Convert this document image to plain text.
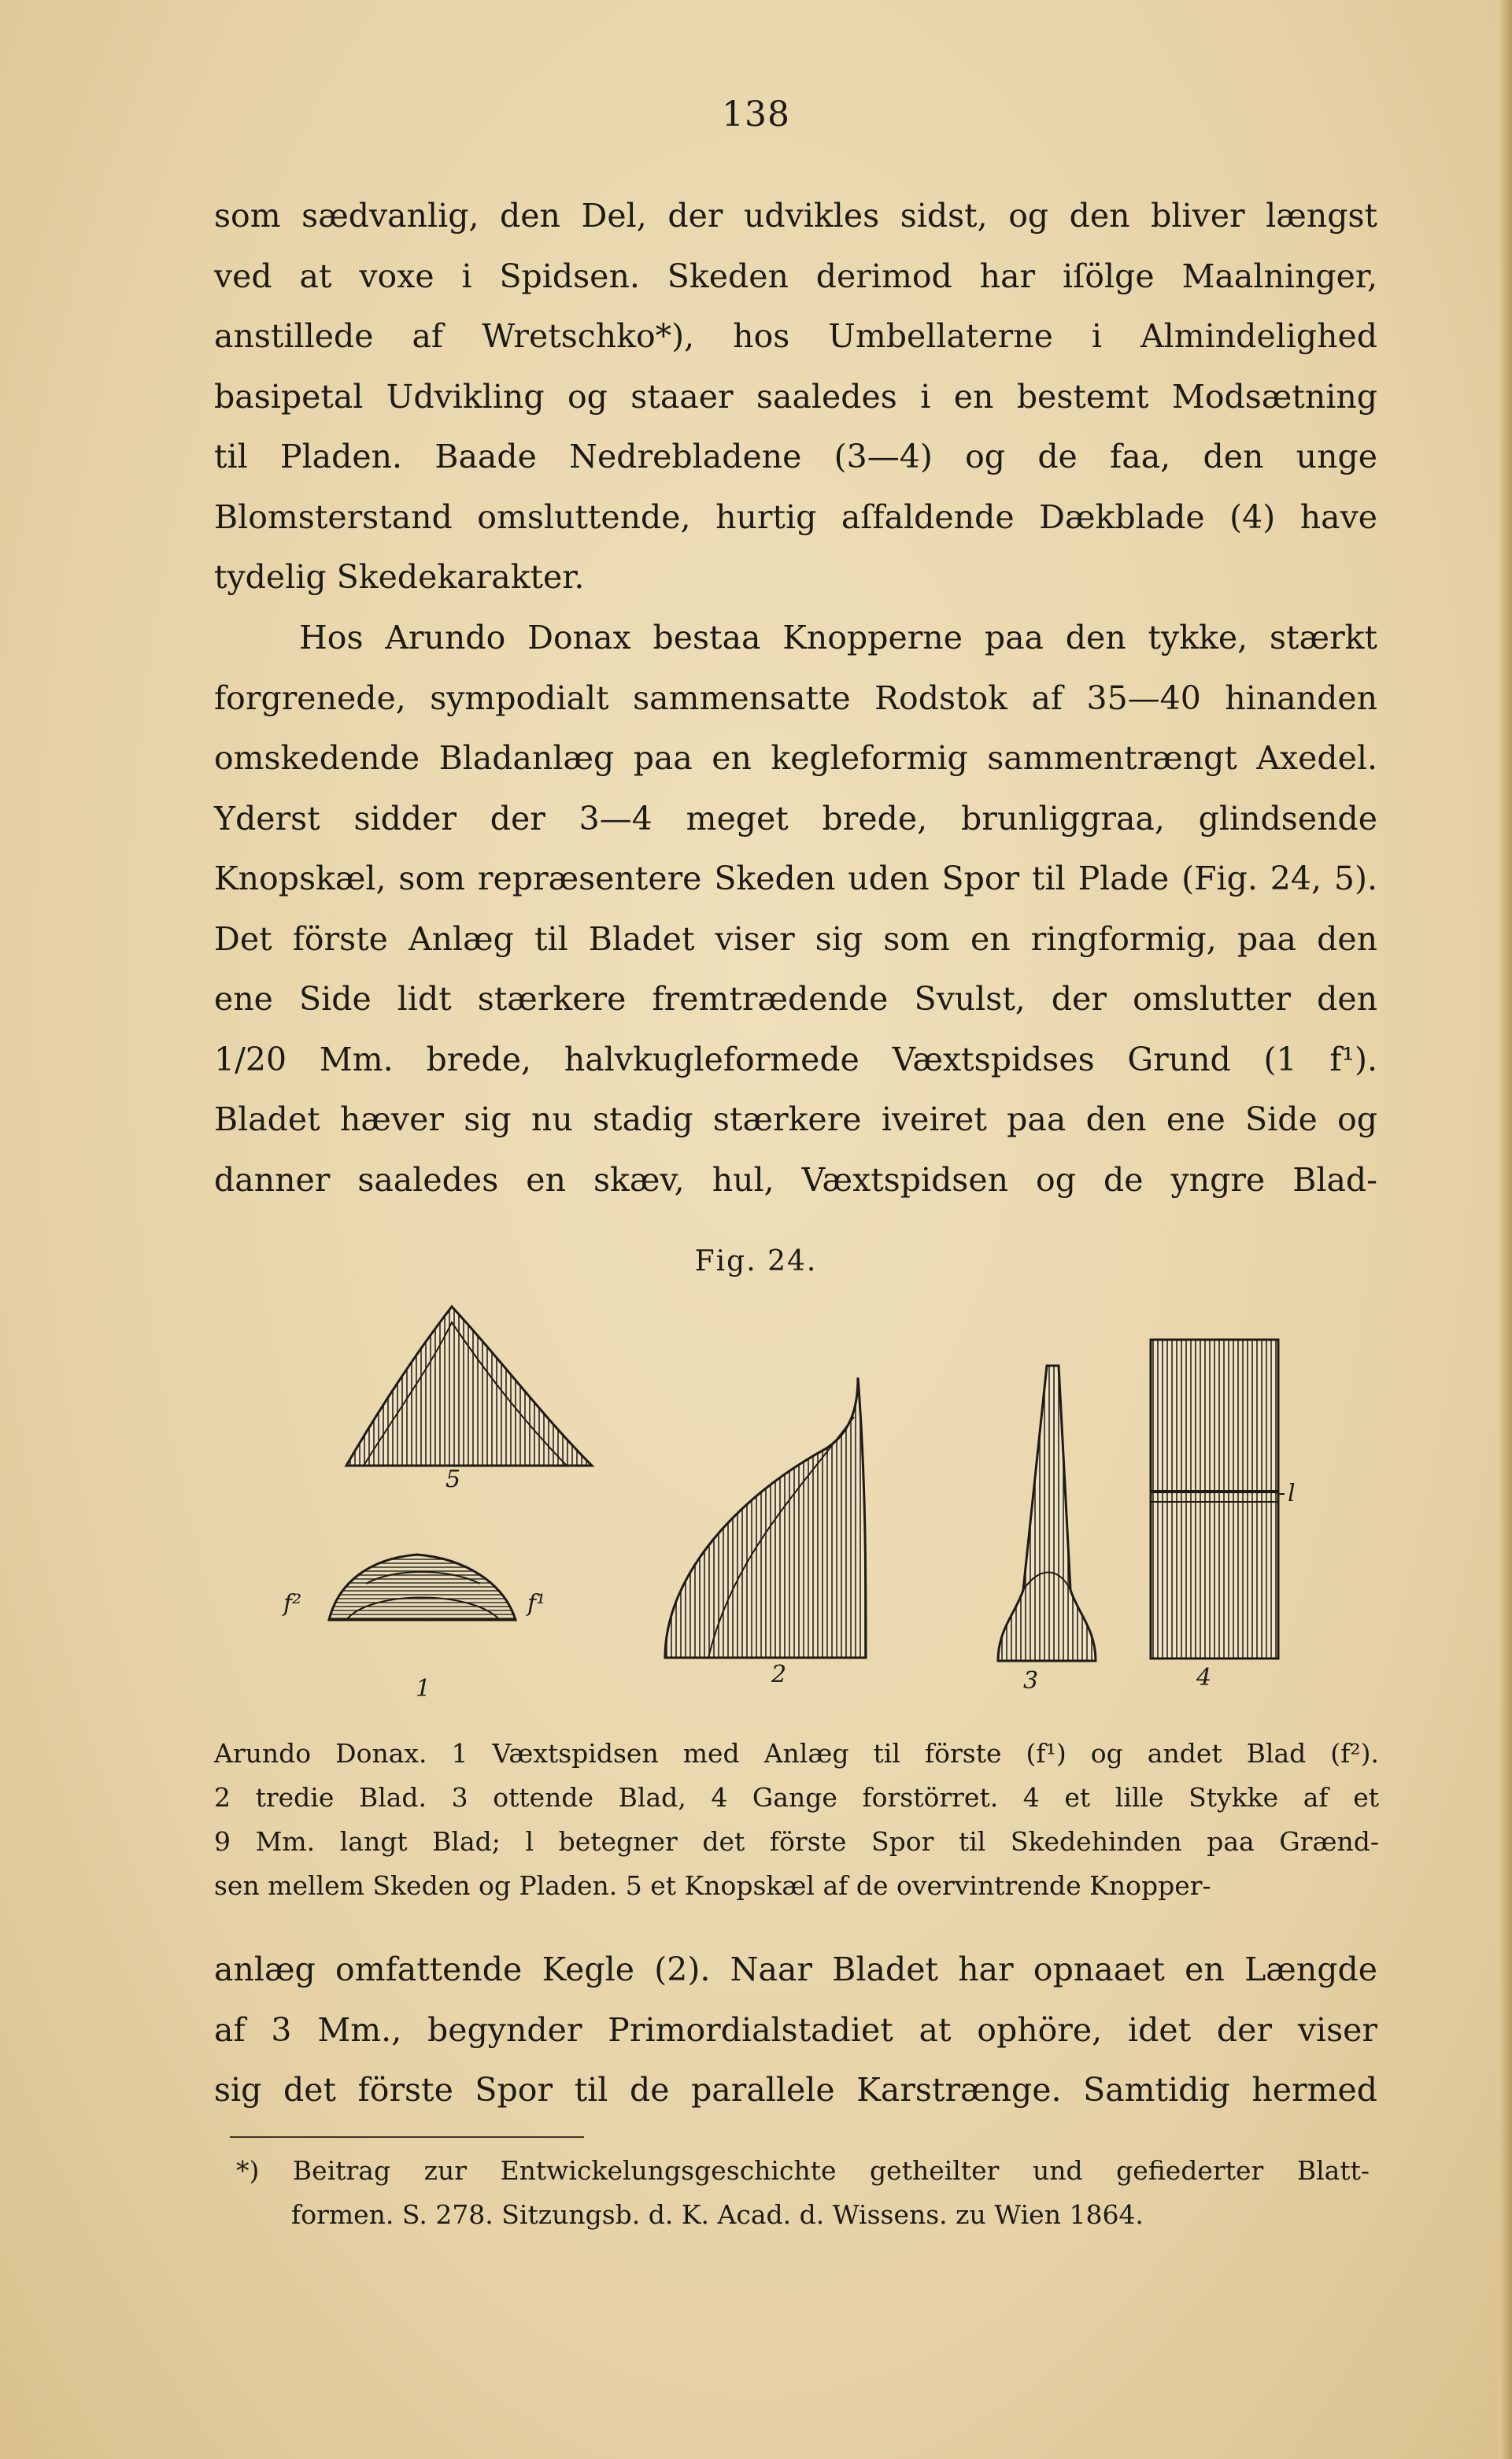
138
som sædvanlig, den Del, der udvikles sidst, og den bliver længst
ved at voxe i Spidsen. Skeden derimod har iſölge Maalninger,
anstillede af Wretschko*), hos Umbellaterne i Almindelighed
basipetal Udvikling og staaer saaledes i en bestemt Modsætning
til Pladen. Baade Nedrebladene (3—4) og de faa, den unge
Blomsterstand omsluttende, hurtig aſfaldende Dækblade (4) have
tydelig Skedekarakter.
Hos Arundo Donax bestaa Knopperne paa den tykke, stærkt
forgrenede, sympodialt sammensatte Rodstok af 35—40 hinanden
omskedende Bladanlæg paa en kegleformig sammentrængt Axedel.
Yderst sidder der 3—4 meget brede, brunliggraa, glindsende
Knopskæl, som repræsentere Skeden uden Spor til Plade (Fig. 24, 5).
Det förste Anlæg til Bladet viser sig som en ringformig, paa den
ene Side lidt stærkere fremtrædende Svulst, der omslutter den
1/20 Mm. brede, halvkugleformede Væxtspidses Grund (1 f¹).
Bladet hæver sig nu stadig stærkere iveiret paa den ene Side og
danner saaledes en skæv, hul, Væxtspidsen og de yngre Blad-
Fig. 24.
5
f²	f¹
1
2	3	4
l
Arundo Donax. 1 Væxtspidsen med Anlæg til förste (f¹) og andet Blad (f²).
2 tredie Blad. 3 ottende Blad, 4 Gange forstörret. 4 et lille Stykke af et
9 Mm. langt Blad; l betegner det förste Spor til Skedehinden paa Grænd-
sen mellem Skeden og Pladen. 5 et Knopskæl af de overvintrende Knopper-
anlæg omfattende Kegle (2). Naar Bladet har opnaaet en Længde
af 3 Mm., begynder Primordialstadiet at ophöre, idet der viser
sig det förste Spor til de parallele Karstrænge. Samtidig hermed
*) Beitrag zur Entwickelungsgeschichte getheilter und gefiederter Blatt-
formen. S. 278. Sitzungsb. d. K. Acad. d. Wissens. zu Wien 1864.
